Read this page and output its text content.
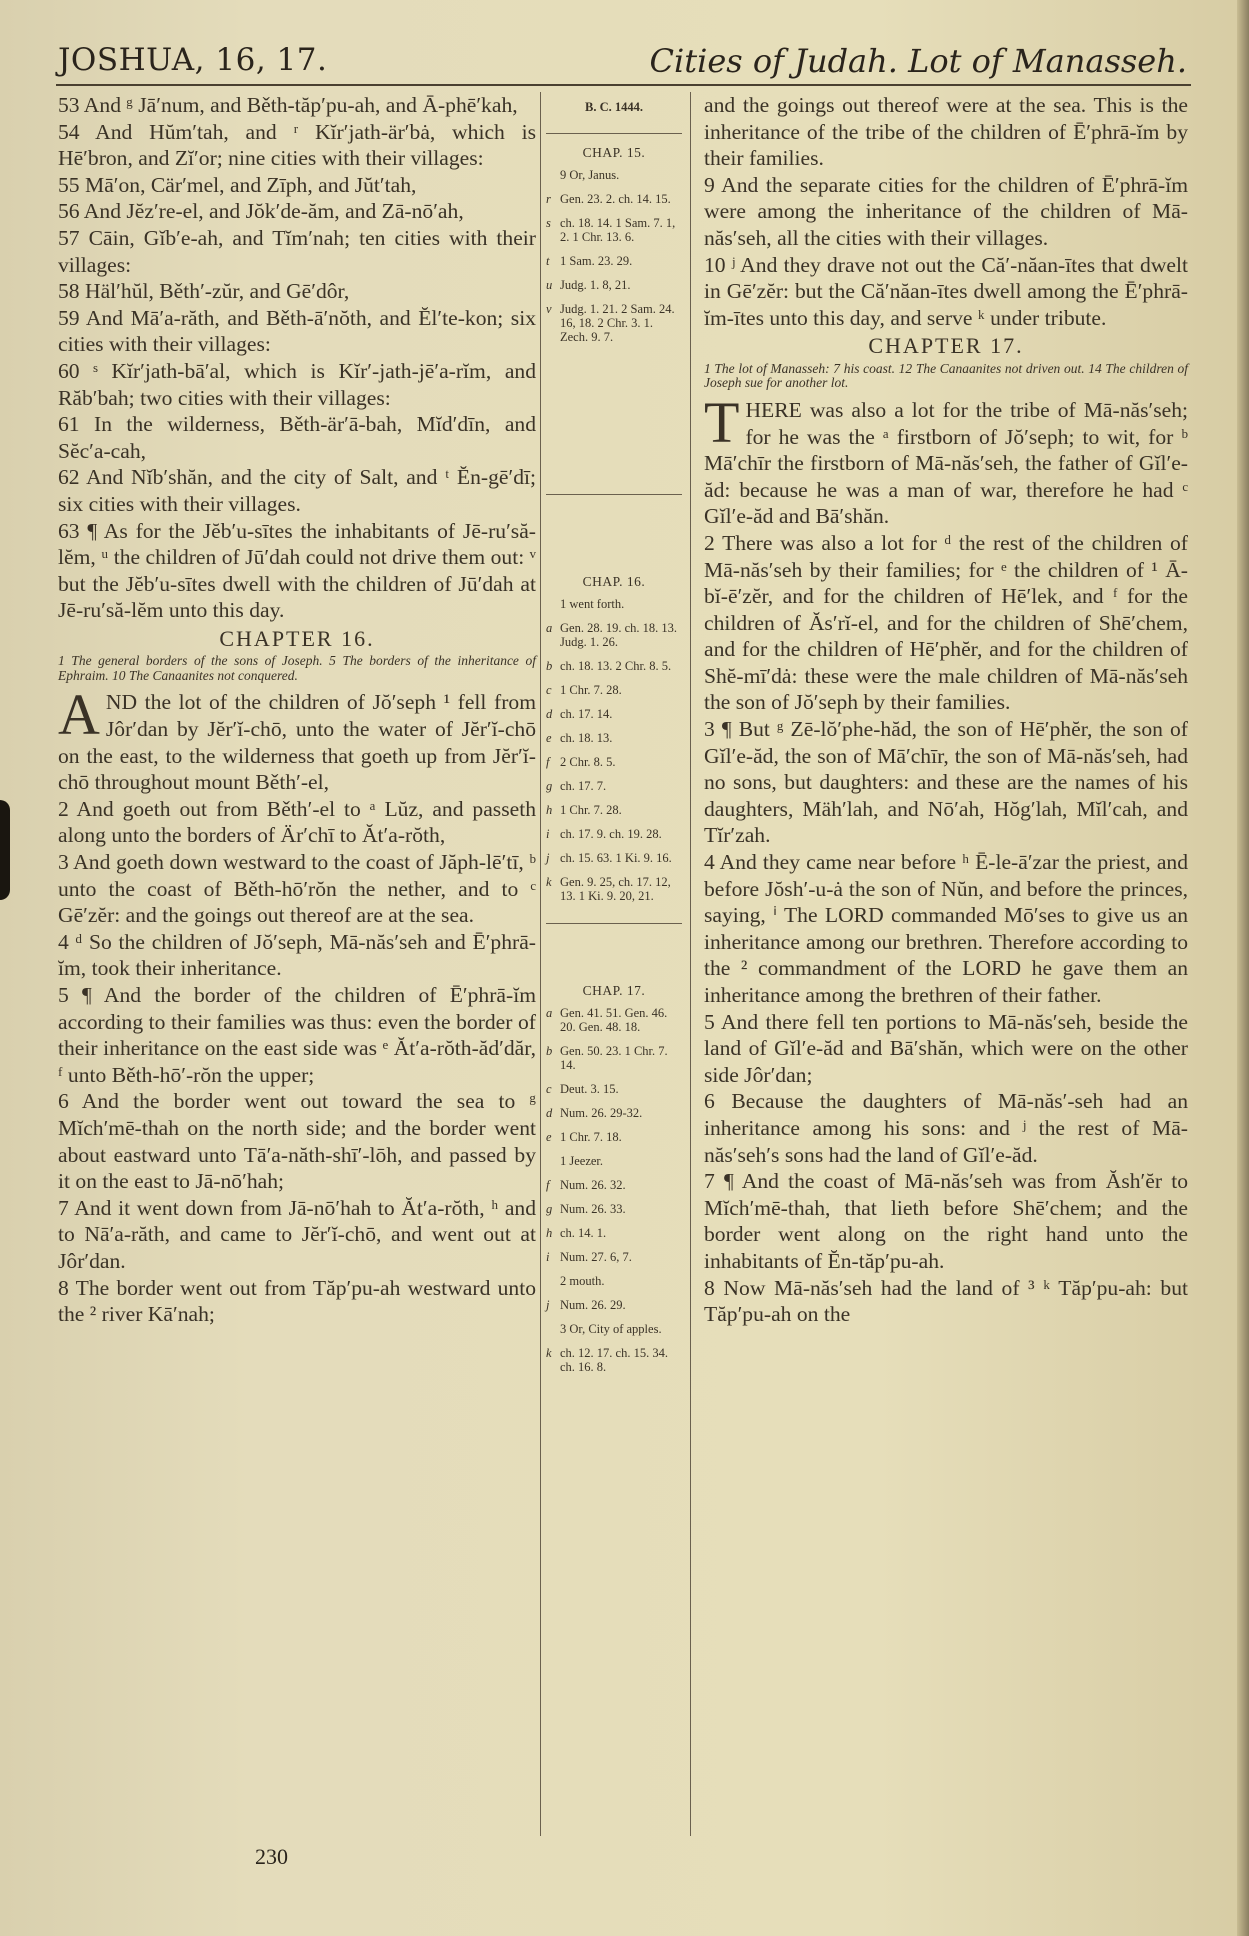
JOSHUA, 16, 17.	Cities of Judah. Lot of Manasseh.

53 And ᵍ Jā′num, and Běth-tăp′pu-ah, and Ā-phē′kah,

54 And Hŭm′tah, and ʳ Kĭr′jath-är′bȧ, which is Hē′bron, and Zĭ′or; nine cities with their villages:

55 Mā′on, Cär′mel, and Zīph, and Jŭt′tah,

56 And Jĕz′re-el, and Jŏk′de-ăm, and Zā-nō′ah,

57 Cāin, Gĭb′e-ah, and Tĭm′nah; ten cities with their villages:

58 Häl′hŭl, Běth′-zŭr, and Gē′dôr,

59 And Mā′a-răth, and Běth-ā′nŏth, and Ĕl′te-kon; six cities with their villages:

60 ˢ Kĭr′jath-bā′al, which is Kĭr′-jath-jē′a-rĭm, and Răb′bah; two cities with their villages:

61 In the wilderness, Běth-är′ā-bah, Mĭd′dīn, and Sĕc′a-cah,

62 And Nĭb′shăn, and the city of Salt, and ᵗ Ĕn-gē′dī; six cities with their villages.

63 ¶ As for the Jĕb′u-sītes the inhabitants of Jē-ru′să-lĕm, ᵘ the children of Jū′dah could not drive them out: ᵛ but the Jĕb′u-sītes dwell with the children of Jū′dah at Jē-ru′să-lĕm unto this day.

CHAPTER 16.
1 The general borders of the sons of Joseph. 5 The borders of the inheritance of Ephraim. 10 The Canaanites not conquered.

AND the lot of the children of Jŏ′seph ¹ fell from Jôr′dan by Jĕr′ĭ-chō, unto the water of Jĕr′ĭ-chō on the east, to the wilderness that goeth up from Jĕr′ĭ-chō throughout mount Běth′-el,

2 And goeth out from Běth′-el to ᵃ Lŭz, and passeth along unto the borders of Är′chī to Ăt′a-rŏth,

3 And goeth down westward to the coast of Jăph-lē′tī, ᵇ unto the coast of Běth-hō′rŏn the nether, and to ᶜ Gē′zĕr: and the goings out thereof are at the sea.

4 ᵈ So the children of Jŏ′seph, Mā-năs′seh and Ē′phrā-ĭm, took their inheritance.

5 ¶ And the border of the children of Ē′phrā-ĭm according to their families was thus: even the border of their inheritance on the east side was ᵉ Ăt′a-rŏth-ăd′dăr, ᶠ unto Běth-hō′-rŏn the upper;

6 And the border went out toward the sea to ᵍ Mĭch′mē-thah on the north side; and the border went about eastward unto Tā′a-năth-shī′-lōh, and passed by it on the east to Jā-nō′hah;

7 And it went down from Jā-nō′hah to Ăt′a-rŏth, ʰ and to Nā′a-răth, and came to Jĕr′ĭ-chō, and went out at Jôr′dan.

8 The border went out from Tăp′pu-ah westward unto the ² river Kā′nah;

B. C. 1444.
CHAP. 15.
9 Or, Janus.
r Gen. 23. 2. ch. 14. 15.
s ch. 18. 14. 1 Sam. 7. 1, 2. 1 Chr. 13. 6.
t 1 Sam. 23. 29.
u Judg. 1. 8, 21.
v Judg. 1. 21. 2 Sam. 24. 16, 18. 2 Chr. 3. 1. Zech. 9. 7.
CHAP. 16.
1 went forth.
a Gen. 28. 19. ch. 18. 13. Judg. 1. 26.
b ch. 18. 13. 2 Chr. 8. 5.
c 1 Chr. 7. 28.
d ch. 17. 14.
e ch. 18. 13.
f 2 Chr. 8. 5.
g ch. 17. 7.
h 1 Chr. 7. 28.
i ch. 17. 9. ch. 19. 28.
j ch. 15. 63. 1 Ki. 9. 16.
k Gen. 9. 25, ch. 17. 12, 13. 1 Ki. 9. 20, 21.
CHAP. 17.
a Gen. 41. 51. Gen. 46. 20. Gen. 48. 18.
b Gen. 50. 23. 1 Chr. 7. 14.
c Deut. 3. 15.
d Num. 26. 29-32.
e 1 Chr. 7. 18.
1 Jeezer.
f Num. 26. 32.
g Num. 26. 33.
h ch. 14. 1.
i Num. 27. 6, 7.
2 mouth.
j Num. 26. 29.
3 Or, City of apples.
k ch. 12. 17. ch. 15. 34. ch. 16. 8.

and the goings out thereof were at the sea. This is the inheritance of the tribe of the children of Ē′phrā-ĭm by their families.

9 And the separate cities for the children of Ē′phrā-ĭm were among the inheritance of the children of Mā-năs′seh, all the cities with their villages.

10 ʲ And they drave not out the Că′-năan-ītes that dwelt in Gē′zĕr: but the Că′năan-ītes dwell among the Ē′phrā-ĭm-ītes unto this day, and serve ᵏ under tribute.

CHAPTER 17.
1 The lot of Manasseh: 7 his coast. 12 The Canaanites not driven out. 14 The children of Joseph sue for another lot.

THERE was also a lot for the tribe of Mā-năs′seh; for he was the ᵃ firstborn of Jŏ′seph; to wit, for ᵇ Mā′chīr the firstborn of Mā-năs′seh, the father of Gĭl′e-ăd: because he was a man of war, therefore he had ᶜ Gĭl′e-ăd and Bā′shăn.

2 There was also a lot for ᵈ the rest of the children of Mā-năs′seh by their families; for ᵉ the children of ¹ Ā-bĭ-ē′zĕr, and for the children of Hē′lek, and ᶠ for the children of Ăs′rĭ-el, and for the children of Shē′chem, and for the children of Hē′phĕr, and for the children of Shĕ-mī′dȧ: these were the male children of Mā-năs′seh the son of Jŏ′seph by their families.

3 ¶ But ᵍ Zē-lŏ′phe-hăd, the son of Hē′phĕr, the son of Gĭl′e-ăd, the son of Mā′chīr, the son of Mā-năs′seh, had no sons, but daughters: and these are the names of his daughters, Mäh′lah, and Nō′ah, Hŏg′lah, Mĭl′cah, and Tĭr′zah.

4 And they came near before ʰ Ē-le-ā′zar the priest, and before Jŏsh′-u-ȧ the son of Nŭn, and before the princes, saying, ⁱ The LORD commanded Mō′ses to give us an inheritance among our brethren. Therefore according to the ² commandment of the LORD he gave them an inheritance among the brethren of their father.

5 And there fell ten portions to Mā-năs′seh, beside the land of Gĭl′e-ăd and Bā′shăn, which were on the other side Jôr′dan;

6 Because the daughters of Mā-năs′-seh had an inheritance among his sons: and ʲ the rest of Mā-năs′seh′s sons had the land of Gĭl′e-ăd.

7 ¶ And the coast of Mā-năs′seh was from Ăsh′ĕr to Mĭch′mē-thah, that lieth before Shē′chem; and the border went along on the right hand unto the inhabitants of Ĕn-tăp′pu-ah.

8 Now Mā-năs′seh had the land of ³ ᵏ Tăp′pu-ah: but Tăp′pu-ah on the

230
